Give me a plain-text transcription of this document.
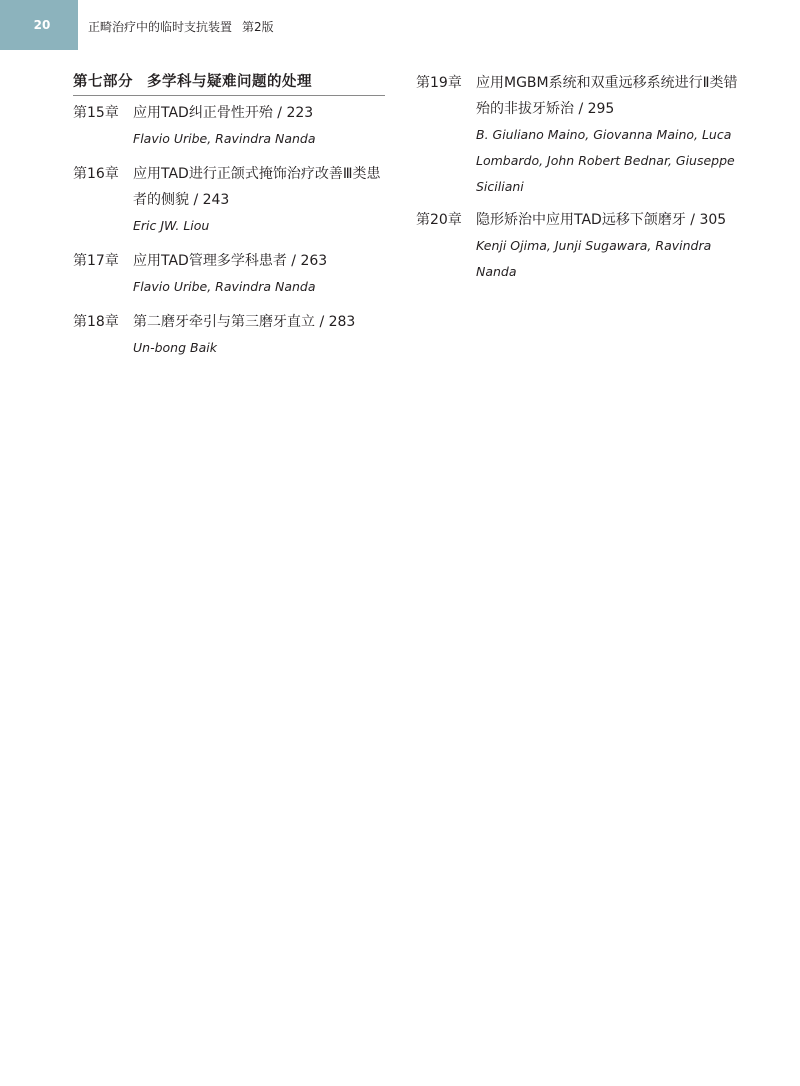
20	正畸治疗中的临时支抗装置 第2版
第七部分 多学科与疑难问题的处理
第15章	应用TAD纠正骨性开殆 / 223
Flavio Uribe, Ravindra Nanda
第16章	应用TAD进行正颌式掩饰治疗改善Ⅲ类患者的侧貌 / 243
Eric JW. Liou
第17章	应用TAD管理多学科患者 / 263
Flavio Uribe, Ravindra Nanda
第18章	第二磨牙牵引与第三磨牙直立 / 283
Un-bong Baik
第19章	应用MGBM系统和双重远移系统进行Ⅱ类错殆的非拔牙矫治 / 295
B. Giuliano Maino, Giovanna Maino, Luca Lombardo, John Robert Bednar, Giuseppe Siciliani
第20章	隐形矫治中应用TAD远移下颌磨牙 / 305
Kenji Ojima, Junji Sugawara, Ravindra Nanda
